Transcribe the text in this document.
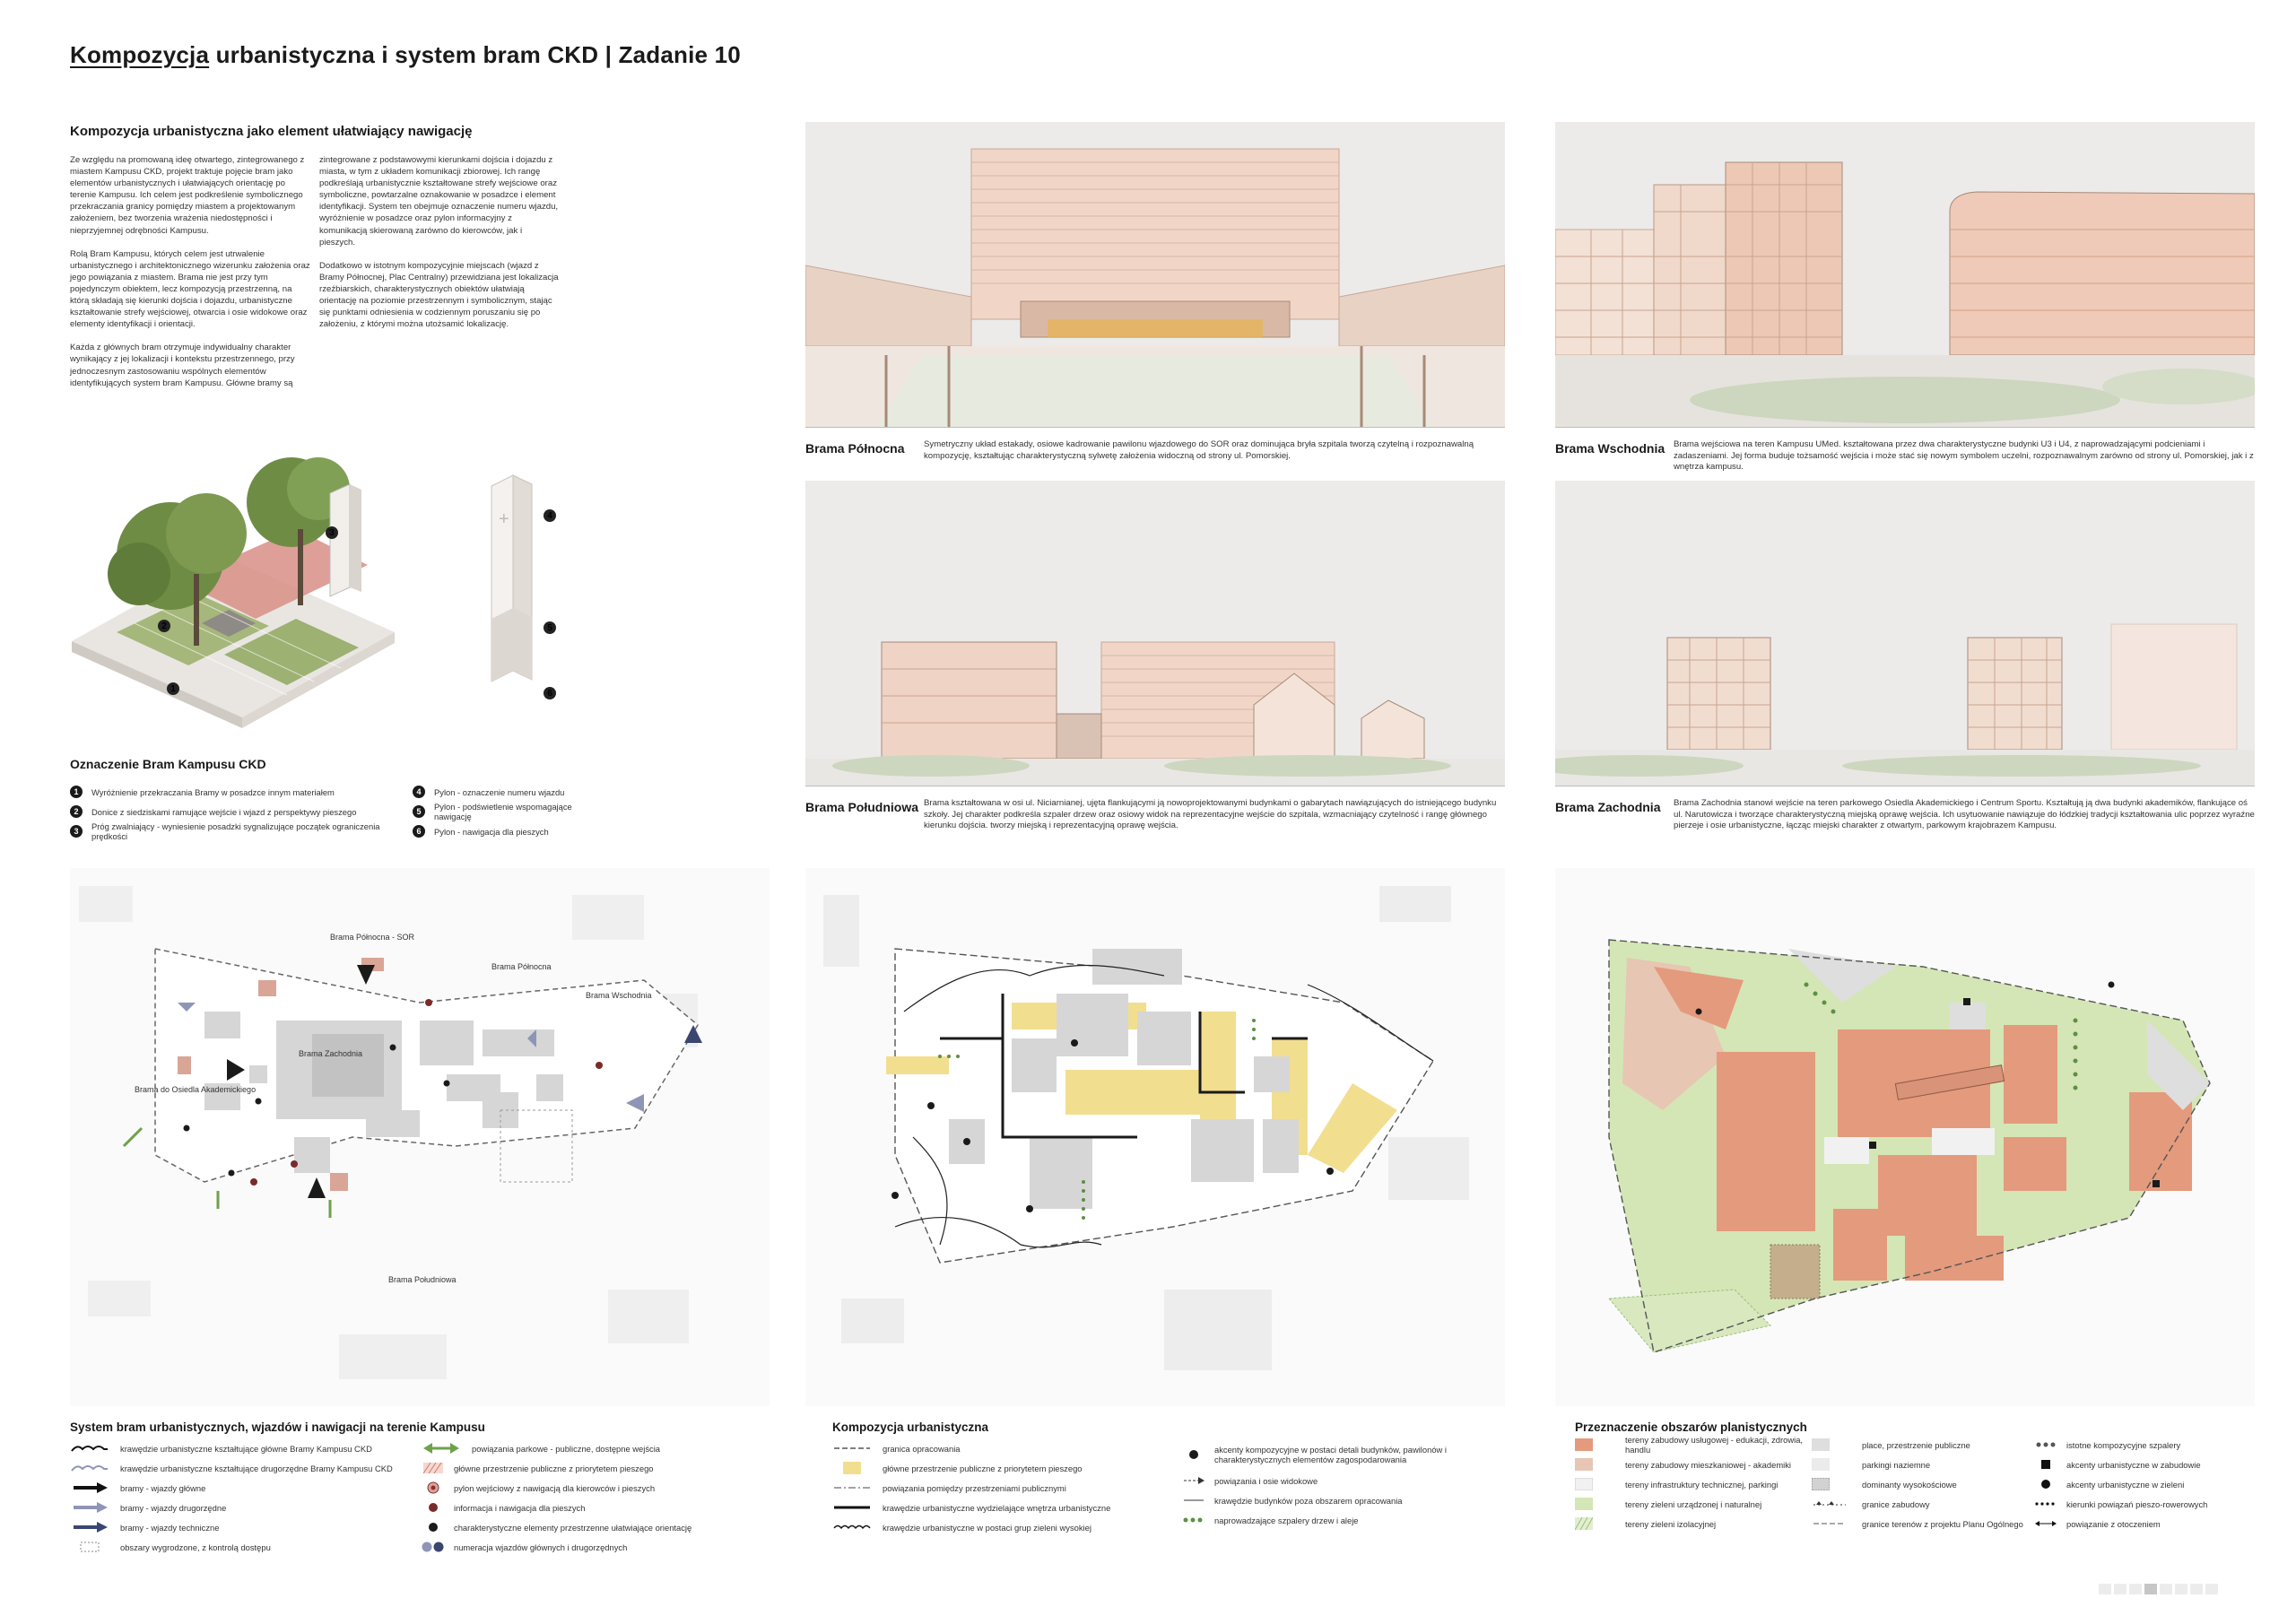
Kompozycja urbanistyczna i system bram CKD | Zadanie 10
Kompozycja urbanistyczna jako element ułatwiający nawigację

Ze względu na promowaną ideę otwartego, zintegrowanego z miastem Kampusu CKD, projekt traktuje pojęcie bram jako elementów urbanistycznych i ułatwiających orientację po terenie Kampusu. Ich celem jest podkreślenie symbolicznego przekraczania granicy pomiędzy miastem a projektowanym założeniem, bez tworzenia wrażenia niedostępności i nieprzyjemnej odrębności Kampusu.

Rolą Bram Kampusu, których celem jest utrwalenie urbanistycznego i architektonicznego wizerunku założenia oraz jego powiązania z miastem. Brama nie jest przy tym pojedynczym obiektem, lecz kompozycją przestrzenną, na którą składają się kierunki dojścia i dojazdu, urbanistyczne kształtowanie strefy wejściowej, otwarcia i osie widokowe oraz elementy identyfikacji i orientacji.

Każda z głównych bram otrzymuje indywidualny charakter wynikający z jej lokalizacji i kontekstu przestrzennego, przy jednoczesnym zastosowaniu wspólnych elementów identyfikujących system bram Kampusu. Główne bramy są

zintegrowane z podstawowymi kierunkami dojścia i dojazdu z miasta, w tym z układem komunikacji zbiorowej. Ich rangę podkreślają urbanistycznie kształtowane strefy wejściowe oraz symboliczne, powtarzalne oznakowanie w posadzce i element identyfikacji. System ten obejmuje oznaczenie numeru wjazdu, wyróżnienie w posadzce oraz pylon informacyjny z komunikacją skierowaną zarówno do kierowców, jak i pieszych.

Dodatkowo w istotnym kompozycyjnie miejscach (wjazd z Bramy Północnej, Plac Centralny) przewidziana jest lokalizacja rzeźbiarskich, charakterystycznych obiektów ułatwiają orientację na poziomie przestrzennym i symbolicznym, stając się punktami odniesienia w codziennym poruszaniu się po założeniu, z którymi można utożsamić lokalizację.

3
2
1
+	4
5
6
Oznaczenie Bram Kampusu CKD
1	Wyróżnienie przekraczania Bramy w posadzce innym materiałem
2	Donice z siedziskami ramujące wejście i wjazd z perspektywy pieszego
3	Próg zwalniający - wyniesienie posadzki sygnalizujące początek ograniczenia prędkości
4	Pylon - oznaczenie numeru wjazdu
5	Pylon - podświetlenie wspomagające nawigację
6	Pylon - nawigacja dla pieszych
Brama Północna Symetryczny układ estakady, osiowe kadrowanie pawilonu wjazdowego do SOR oraz dominująca bryła szpitala tworzą czytelną i rozpoznawalną kompozycję, kształtując charakterystyczną sylwetę założenia widoczną od strony ul. Pomorskiej.
Brama Wschodnia Brama wejściowa na teren Kampusu UMed. kształtowana przez dwa charakterystyczne budynki U3 i U4, z naprowadzającymi podcieniami i zadaszeniami. Jej forma buduje tożsamość wejścia i może stać się nowym symbolem uczelni, rozpoznawalnym zarówno od strony ul. Pomorskiej, jak i z wnętrza kampusu.
Brama Południowa Brama kształtowana w osi ul. Niciarnianej, ujęta flankującymi ją nowoprojektowanymi budynkami o gabarytach nawiązujących do istniejącego budynku szkoły. Jej charakter podkreśla szpaler drzew oraz osiowy widok na reprezentacyjne wejście do szpitala, wzmacniający czytelność i rangę głównego kierunku dojścia. tworzy miejską i reprezentacyjną oprawę wejścia.
Brama Zachodnia Brama Zachodnia stanowi wejście na teren parkowego Osiedla Akademickiego i Centrum Sportu. Kształtują ją dwa budynki akademików, flankujące oś ul. Narutowicza i tworzące charakterystyczną miejską oprawę wejścia. Ich usytuowanie nawiązuje do łódzkiej tradycji kształtowania ulic poprzez wyraźne pierzeje i osie urbanistyczne, łącząc miejski charakter z otwartym, parkowym krajobrazem Kampusu.
Brama Północna - SOR
Brama Północna
Brama Wschodnia
Brama Zachodnia
Brama do Osiedla Akademickiego
Brama Południowa
System bram urbanistycznych, wjazdów i nawigacji na terenie Kampusu
krawędzie urbanistyczne kształtujące główne Bramy Kampusu CKD
krawędzie urbanistyczne kształtujące drugorzędne Bramy Kampusu CKD
bramy - wjazdy główne
bramy - wjazdy drugorzędne
bramy - wjazdy techniczne
obszary wygrodzone, z kontrolą dostępu
powiązania parkowe - publiczne, dostępne wejścia
główne przestrzenie publiczne z priorytetem pieszego
pylon wejściowy z nawigacją dla kierowców i pieszych
informacja i nawigacja dla pieszych
charakterystyczne elementy przestrzenne ułatwiające orientację
numeracja wjazdów głównych i drugorzędnych
Kompozycja urbanistyczna
granica opracowania
główne przestrzenie publiczne z priorytetem pieszego
powiązania pomiędzy przestrzeniami publicznymi
krawędzie urbanistyczne wydzielające wnętrza urbanistyczne
krawędzie urbanistyczne w postaci grup zieleni wysokiej
akcenty kompozycyjne w postaci detali budynków, pawilonów i charakterystycznych elementów zagospodarowania
powiązania i osie widokowe
krawędzie budynków poza obszarem opracowania
naprowadzające szpalery drzew i aleje
Przeznaczenie obszarów planistycznych
tereny zabudowy usługowej - edukacji, zdrowia, handlu
tereny zabudowy mieszkaniowej - akademiki
tereny infrastruktury technicznej, parkingi
tereny zieleni urządzonej i naturalnej
tereny zieleni izolacyjnej
place, przestrzenie publiczne
parkingi naziemne
dominanty wysokościowe
granice zabudowy
granice terenów z projektu Planu Ogólnego
istotne kompozycyjne szpalery
akcenty urbanistyczne w zabudowie
akcenty urbanistyczne w zieleni
kierunki powiązań pieszo-rowerowych
powiązanie z otoczeniem
